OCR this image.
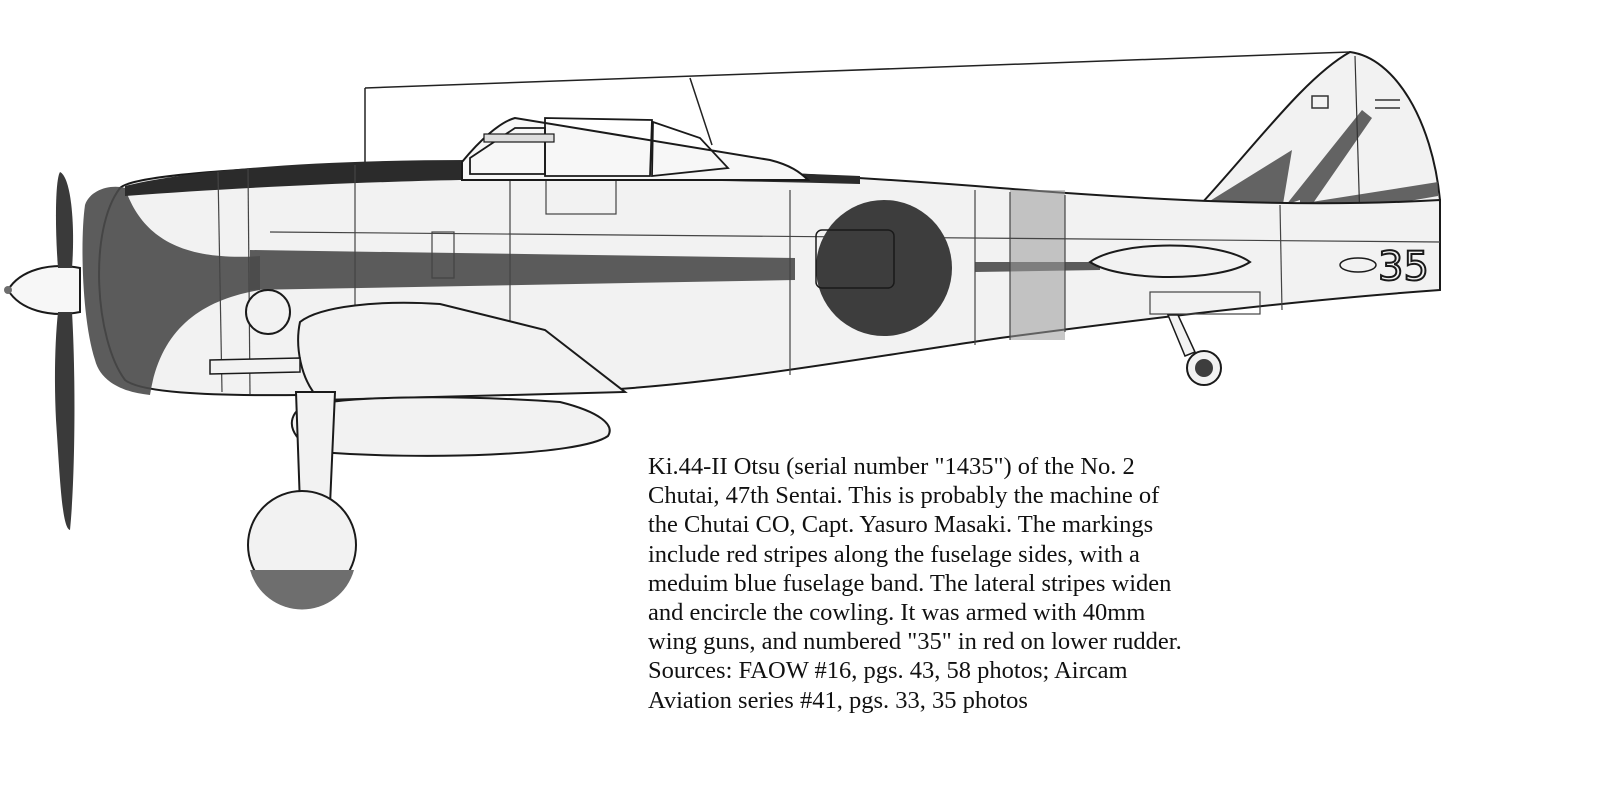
35
Ki.44-II Otsu (serial number "1435") of the No. 2
Chutai, 47th Sentai. This is probably the machine of
the Chutai CO, Capt. Yasuro Masaki. The markings
include red stripes along the fuselage sides, with a
meduim blue fuselage band. The lateral stripes widen
and encircle the cowling. It was armed with 40mm
wing guns, and numbered "35" in red on lower rudder.
Sources: FAOW #16, pgs. 43, 58 photos; Aircam
Aviation series #41, pgs. 33, 35 photos
